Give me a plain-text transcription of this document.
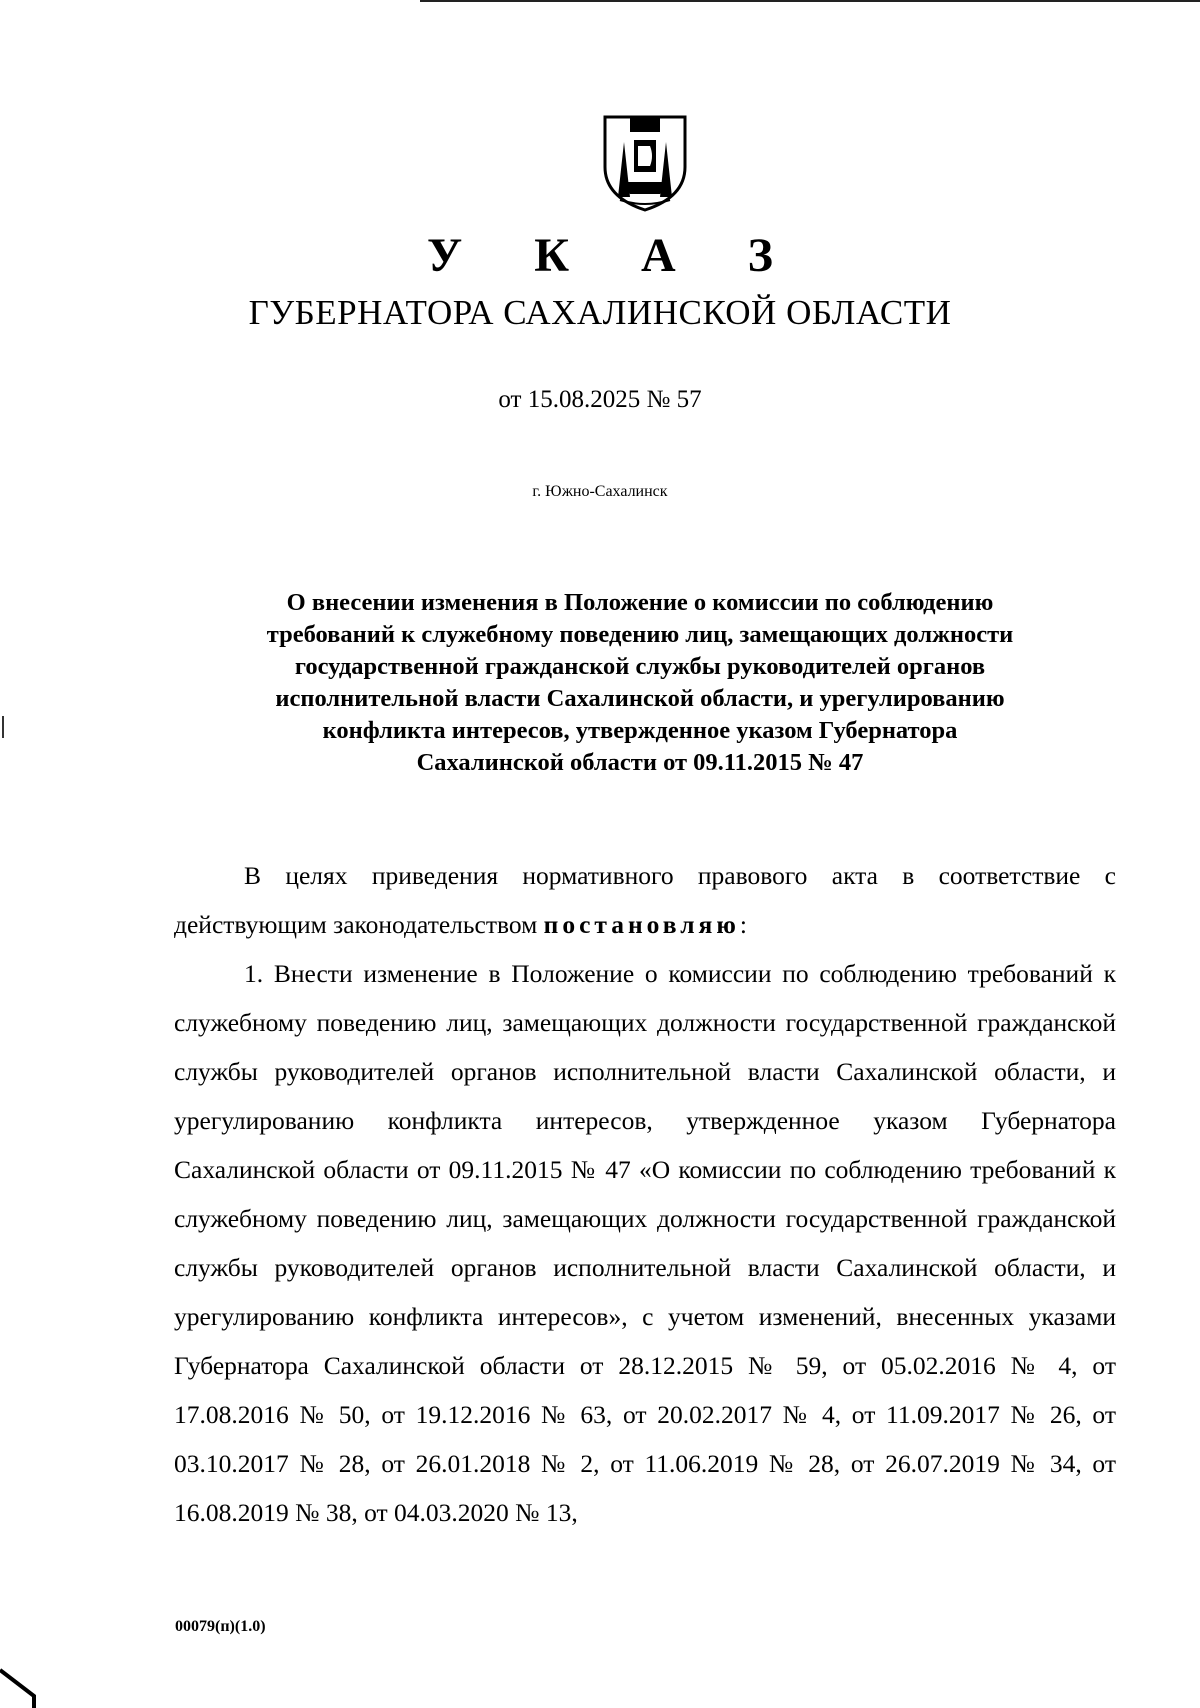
У К А З
ГУБЕРНАТОРА САХАЛИНСКОЙ ОБЛАСТИ
от 15.08.2025 № 57
г. Южно-Сахалинск
О внесении изменения в Положение о комиссии по соблюдению
требований к служебному поведению лиц, замещающих должности
государственной гражданской службы руководителей органов
исполнительной власти Сахалинской области, и урегулированию
конфликта интересов, утвержденное указом Губернатора
Сахалинской области от 09.11.2015 № 47

В целях приведения нормативного правового акта в соответствие с действующим законодательством постановляю:

1. Внести изменение в Положение о комиссии по соблюдению требований к служебному поведению лиц, замещающих должности государственной гражданской службы руководителей органов исполнительной власти Сахалинской области, и урегулированию конфликта интересов, утвержденное указом Губернатора Сахалинской области от 09.11.2015 № 47 «О комиссии по соблюдению требований к служебному поведению лиц, замещающих должности государственной гражданской службы руководителей органов исполнительной власти Сахалинской области, и урегулированию конфликта интересов», с учетом изменений, внесенных указами Губернатора Сахалинской области от 28.12.2015 № 59, от 05.02.2016 № 4, от 17.08.2016 № 50, от 19.12.2016 № 63, от 20.02.2017 № 4, от 11.09.2017 № 26, от 03.10.2017 № 28, от 26.01.2018 № 2, от 11.06.2019 № 28, от 26.07.2019 № 34, от 16.08.2019 № 38, от 04.03.2020 № 13,

00079(п)(1.0)
